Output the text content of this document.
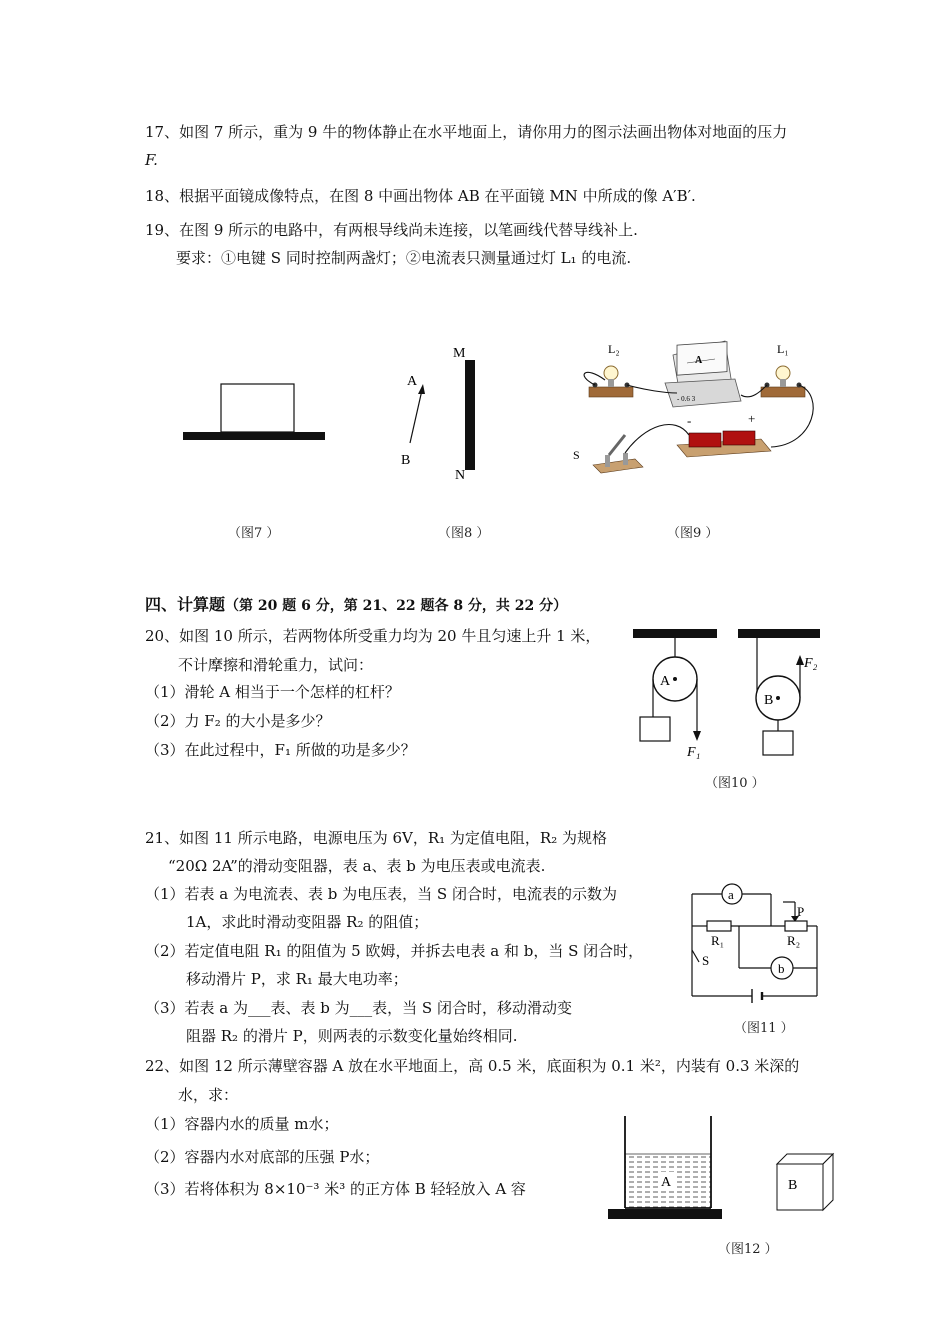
17、如图 7 所示，重为 9 牛的物体静止在水平地面上，请你用力的图示法画出物体对地面的压力
F.
18、根据平面镜成像特点，在图 8 中画出物体 AB 在平面镜 MN 中所成的像 A′B′.
19、在图 9 所示的电路中，有两根导线尚未连接，以笔画线代替导线补上.
要求：①电键 S 同时控制两盏灯；②电流表只测量通过灯 L₁ 的电流.
（图7 ）
M
N
A
B
（图8 ）
L₂
A
- 0.6 3
L₁
-	+
S
（图9 ）
四、计算题（第 20 题 6 分，第 21、22 题各 8 分，共 22 分）
20、如图 10 所示，若两物体所受重力均为 20 牛且匀速上升 1 米，
不计摩擦和滑轮重力，试问：
（1）滑轮 A 相当于一个怎样的杠杆？
（2）力 F₂ 的大小是多少？
（3）在此过程中，F₁ 所做的功是多少？
A
F₁
B
F₂
（图10 ）
21、如图 11 所示电路，电源电压为 6V，R₁ 为定值电阻，R₂ 为规格
“20Ω 2A”的滑动变阻器，表 a、表 b 为电压表或电流表.
（1）若表 a 为电流表、表 b 为电压表，当 S 闭合时，电流表的示数为
1A，求此时滑动变阻器 R₂ 的阻值；
（2）若定值电阻 R₁ 的阻值为 5 欧姆，并拆去电表 a 和 b，当 S 闭合时，
移动滑片 P，求 R₁ 最大电功率；
（3）若表 a 为___表、表 b 为___表，当 S 闭合时，移动滑动变
阻器 R₂ 的滑片 P，则两表的示数变化量始终相同.
a
R₁	R₂
P
b
S
（图11 ）
22、如图 12 所示薄壁容器 A 放在水平地面上，高 0.5 米，底面积为 0.1 米²，内装有 0.3 米深的
水，求：
（1）容器内水的质量 m水；
（2）容器内水对底部的压强 P水；
（3）若将体积为 8×10⁻³ 米³ 的正方体 B 轻轻放入 A 容	A	B
（图12 ）
